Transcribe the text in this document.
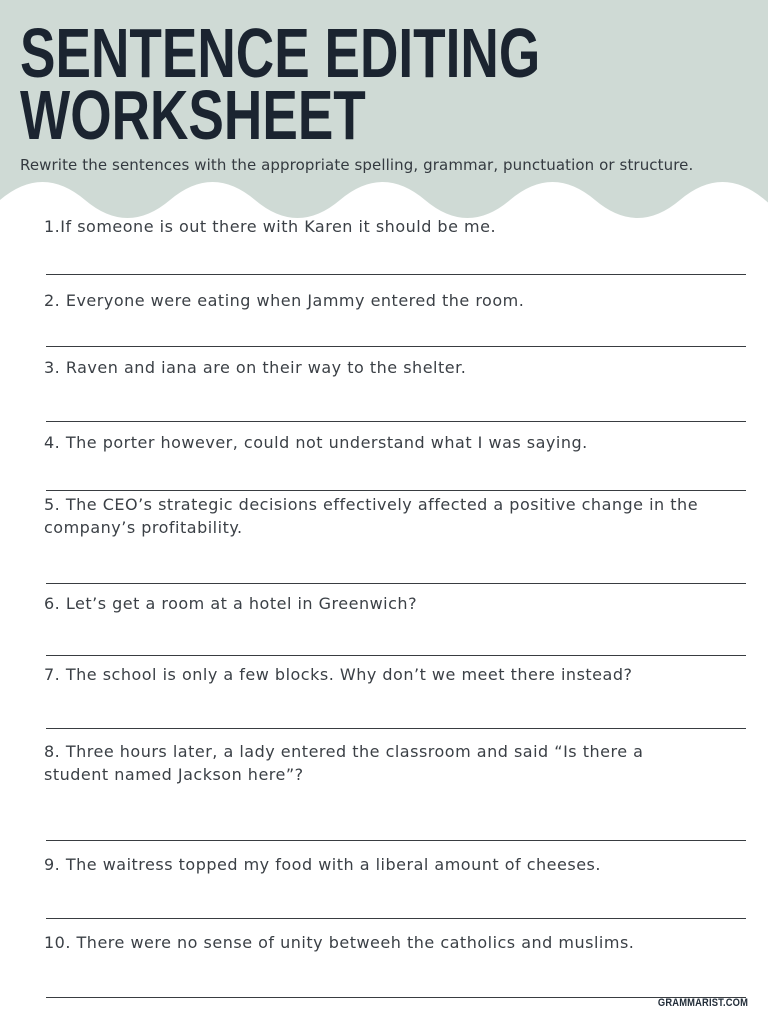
SENTENCE EDITING
WORKSHEET
Rewrite the sentences with the appropriate spelling, grammar, punctuation or structure.
1.If someone is out there with Karen it should be me.
2. Everyone were eating when Jammy entered the room.
3. Raven and iana are on their way to the shelter.
4. The porter however, could not understand what I was saying.
5. The CEO’s strategic decisions effectively affected a positive change in the company’s profitability.
6. Let’s get a room at a hotel in Greenwich?
7. The school is only a few blocks. Why don’t we meet there instead?
8. Three hours later, a lady entered the classroom and said “Is there a student named Jackson here”?
9. The waitress topped my food with a liberal amount of cheeses.
10. There were no sense of unity betweeh the catholics and muslims.
GRAMMARIST.COM
